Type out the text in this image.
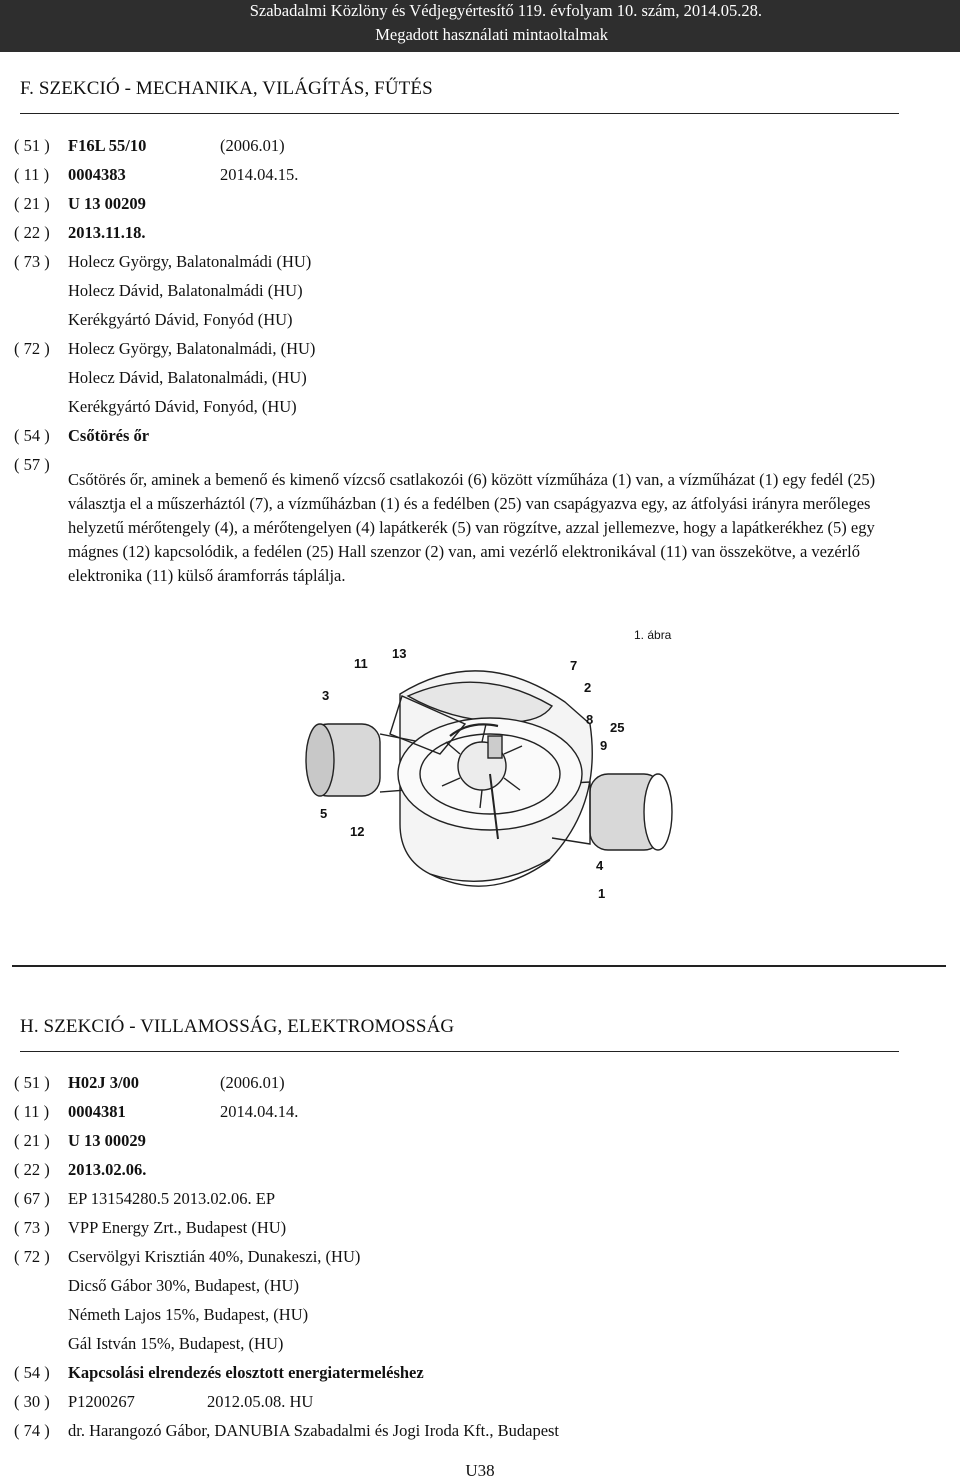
Szabadalmi Közlöny és Védjegyértesítő 119. évfolyam 10. szám, 2014.05.28.
Megadott használati mintaoltalmak
F. SZEKCIÓ - MECHANIKA, VILÁGÍTÁS, FŰTÉS
( 51 )	F16L 55/10	(2006.01)
( 11 )	0004383	2014.04.15.
( 21 )	U 13 00209
( 22 )	2013.11.18.
( 73 )	Holecz György, Balatonalmádi (HU)
Holecz Dávid, Balatonalmádi (HU)
Kerékgyártó Dávid, Fonyód (HU)
( 72 )	Holecz György, Balatonalmádi, (HU)
Holecz Dávid, Balatonalmádi, (HU)
Kerékgyártó Dávid, Fonyód, (HU)
( 54 )	Csőtörés őr
( 57 )
Csőtörés őr, aminek a bemenő és kimenő vízcső csatlakozói (6) között vízműháza (1) van, a vízműházat (1) egy fedél (25) választja el a műszerháztól (7), a vízműházban (1) és a fedélben (25) van csapágyazva egy, az átfolyási irányra merőleges helyzetű mérőtengely (4), a mérőtengelyen (4) lapátkerék (5) van rögzítve, azzal jellemezve, hogy a lapátkerékhez (5) egy mágnes (12) kapcsolódik, a fedélen (25) Hall szenzor (2) van, ami vezérlő elektronikával (11) van összekötve, a vezérlő elektronika (11) külső áramforrás táplálja.
1. ábra
11
13
7
3
2
8
25
9
5
12
4
1
H. SZEKCIÓ - VILLAMOSSÁG, ELEKTROMOSSÁG
( 51 )	H02J 3/00	(2006.01)
( 11 )	0004381	2014.04.14.
( 21 )	U 13 00029
( 22 )	2013.02.06.
( 67 )	EP 13154280.5 2013.02.06. EP
( 73 )	VPP Energy Zrt., Budapest (HU)
( 72 )	Cservölgyi Krisztián 40%, Dunakeszi, (HU)
Dicső Gábor 30%, Budapest, (HU)
Németh Lajos 15%, Budapest, (HU)
Gál István 15%, Budapest, (HU)
( 54 )	Kapcsolási elrendezés elosztott energiatermeléshez
( 30 )	P1200267	2012.05.08. HU
( 74 )	dr. Harangozó Gábor, DANUBIA Szabadalmi és Jogi Iroda Kft., Budapest
U38
